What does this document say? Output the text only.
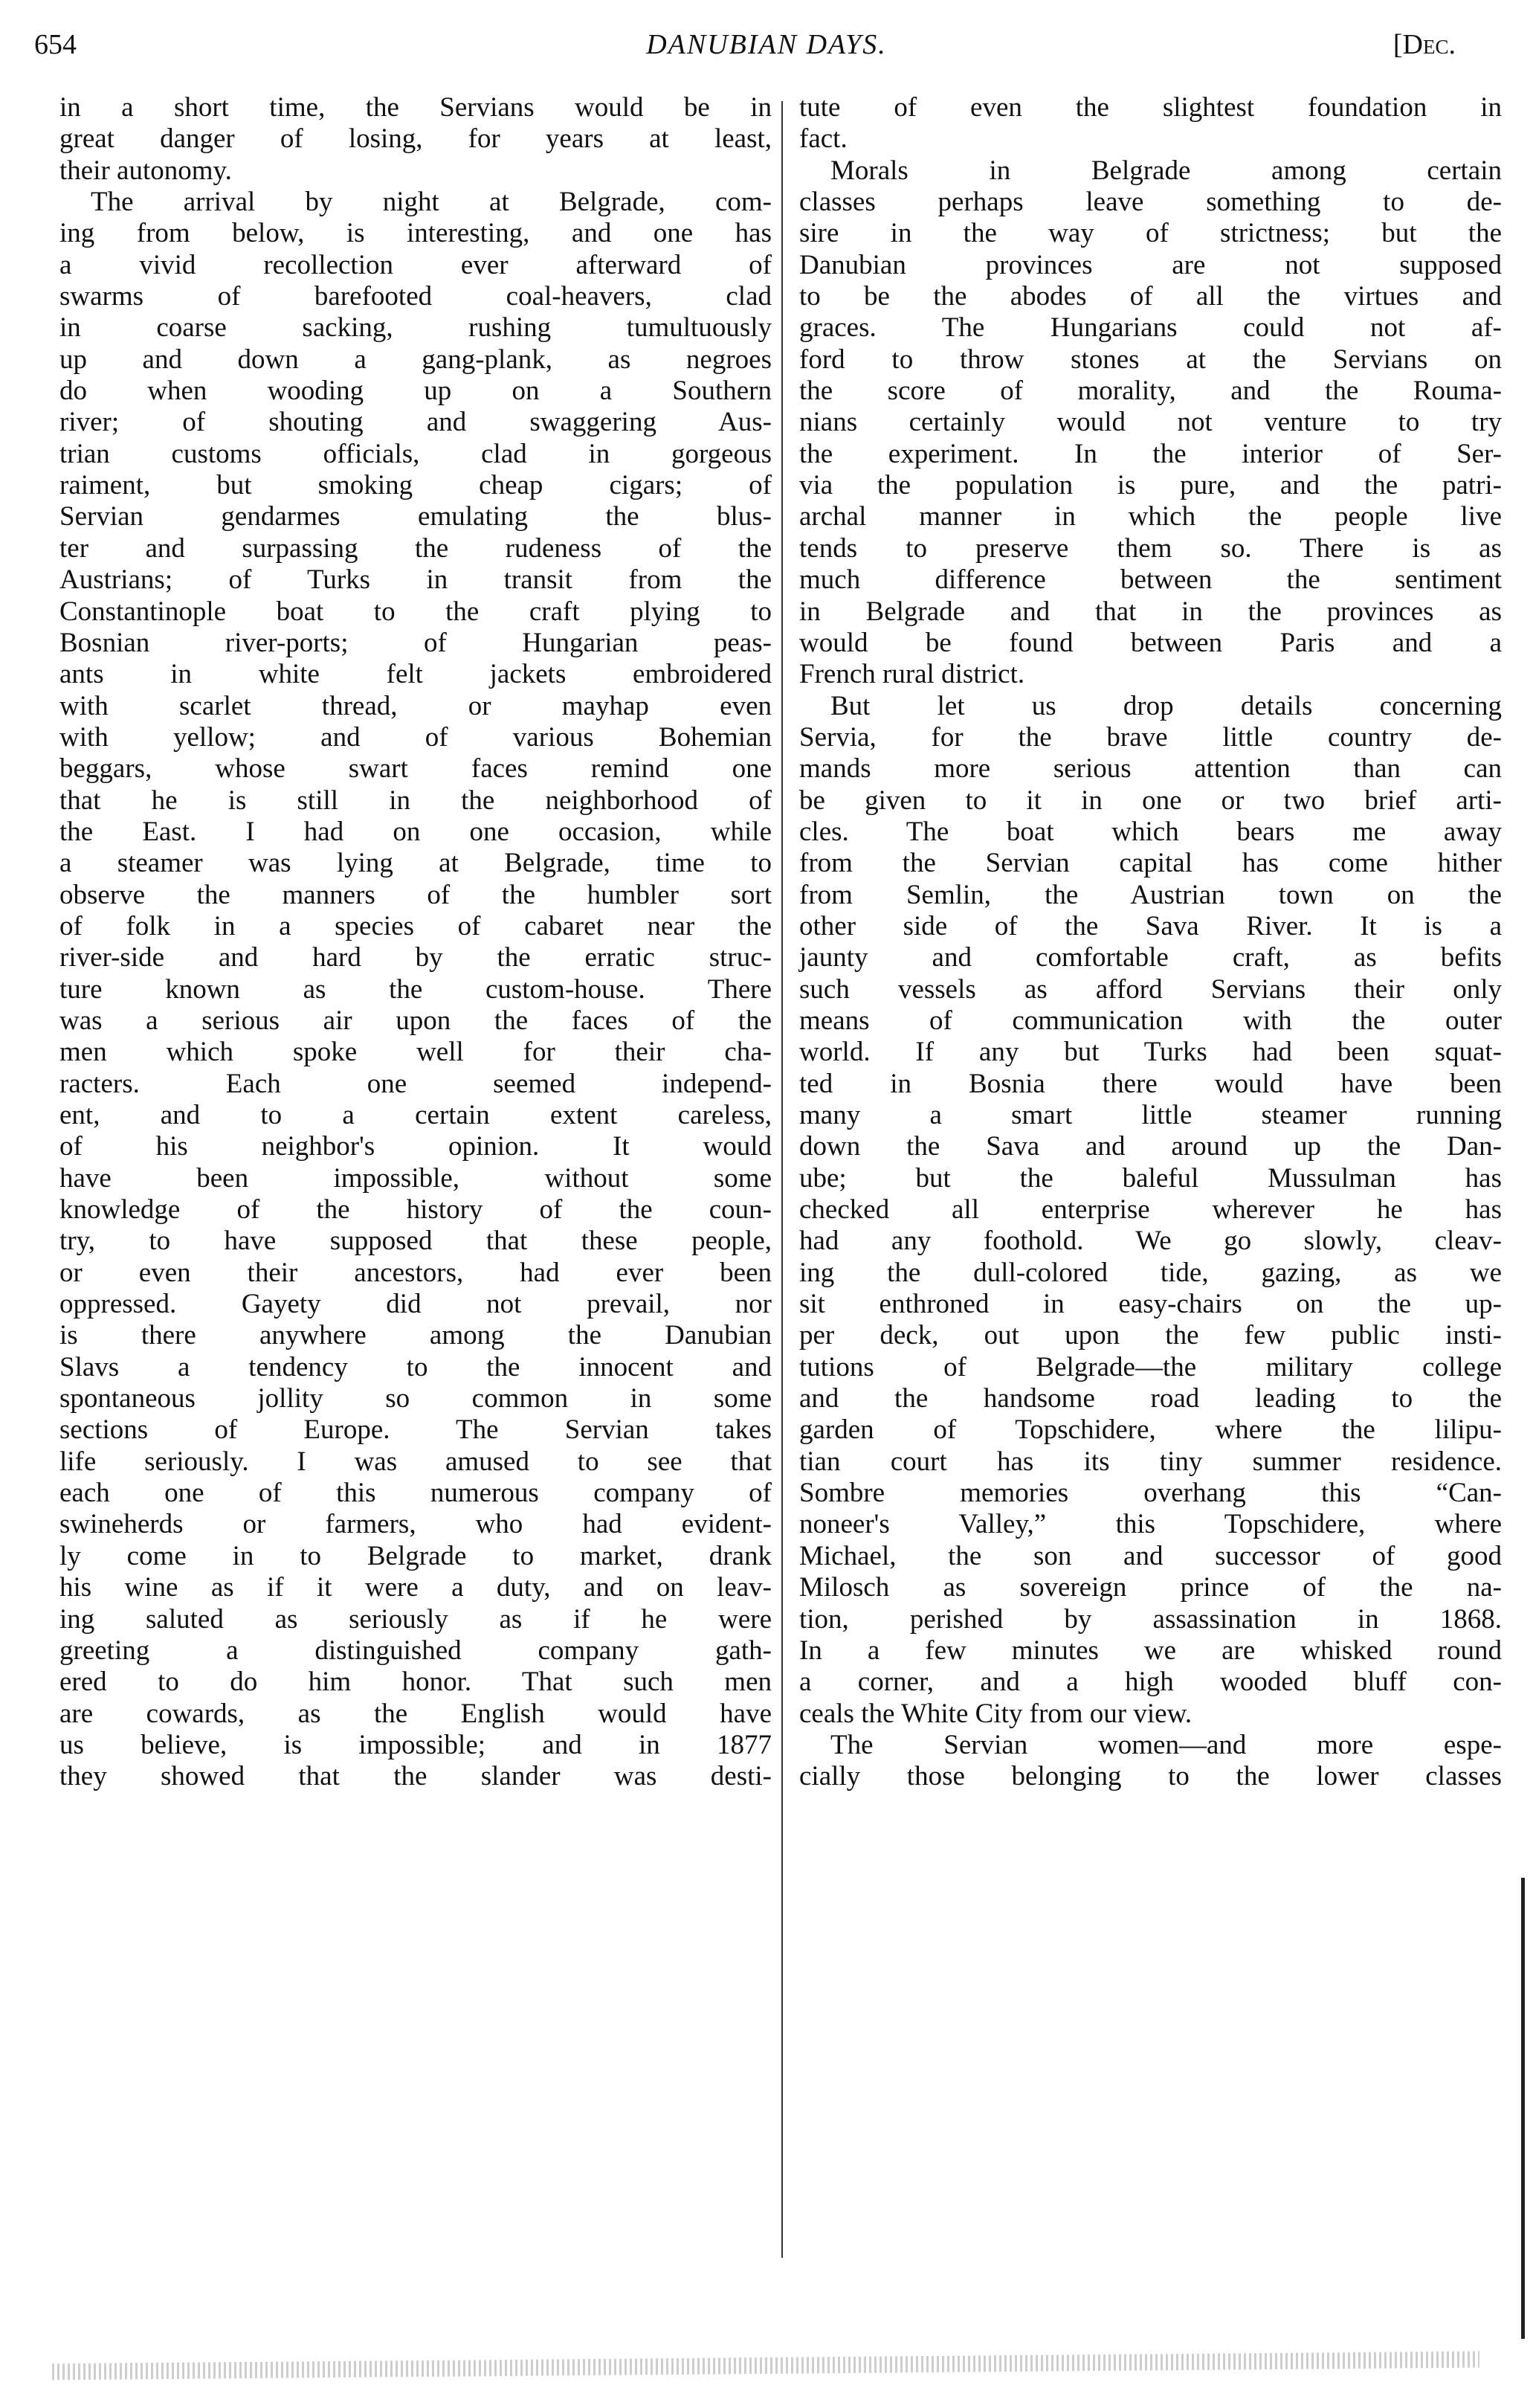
654	DANUBIAN DAYS.	[Dec.
in a short time, the Servians would be in
great danger of losing, for years at least,
their autonomy.
The arrival by night at Belgrade, com-
ing from below, is interesting, and one has
a vivid recollection ever afterward of
swarms of barefooted coal-heavers, clad
in coarse sacking, rushing tumultuously
up and down a gang-plank, as negroes
do when wooding up on a Southern
river; of shouting and swaggering Aus-
trian customs officials, clad in gorgeous
raiment, but smoking cheap cigars; of
Servian gendarmes emulating the blus-
ter and surpassing the rudeness of the
Austrians; of Turks in transit from the
Constantinople boat to the craft plying to
Bosnian river-ports; of Hungarian peas-
ants in white felt jackets embroidered
with scarlet thread, or mayhap even
with yellow; and of various Bohemian
beggars, whose swart faces remind one
that he is still in the neighborhood of
the East. I had on one occasion, while
a steamer was lying at Belgrade, time to
observe the manners of the humbler sort
of folk in a species of cabaret near the
river-side and hard by the erratic struc-
ture known as the custom-house. There
was a serious air upon the faces of the
men which spoke well for their cha-
racters. Each one seemed independ-
ent, and to a certain extent careless,
of his neighbor's opinion. It would
have been impossible, without some
knowledge of the history of the coun-
try, to have supposed that these people,
or even their ancestors, had ever been
oppressed. Gayety did not prevail, nor
is there anywhere among the Danubian
Slavs a tendency to the innocent and
spontaneous jollity so common in some
sections of Europe. The Servian takes
life seriously. I was amused to see that
each one of this numerous company of
swineherds or farmers, who had evident-
ly come in to Belgrade to market, drank
his wine as if it were a duty, and on leav-
ing saluted as seriously as if he were
greeting a distinguished company gath-
ered to do him honor. That such men
are cowards, as the English would have
us believe, is impossible; and in 1877
they showed that the slander was desti-
tute of even the slightest foundation in
fact.
Morals in Belgrade among certain
classes perhaps leave something to de-
sire in the way of strictness; but the
Danubian provinces are not supposed
to be the abodes of all the virtues and
graces. The Hungarians could not af-
ford to throw stones at the Servians on
the score of morality, and the Rouma-
nians certainly would not venture to try
the experiment. In the interior of Ser-
via the population is pure, and the patri-
archal manner in which the people live
tends to preserve them so. There is as
much difference between the sentiment
in Belgrade and that in the provinces as
would be found between Paris and a
French rural district.
But let us drop details concerning
Servia, for the brave little country de-
mands more serious attention than can
be given to it in one or two brief arti-
cles. The boat which bears me away
from the Servian capital has come hither
from Semlin, the Austrian town on the
other side of the Sava River. It is a
jaunty and comfortable craft, as befits
such vessels as afford Servians their only
means of communication with the outer
world. If any but Turks had been squat-
ted in Bosnia there would have been
many a smart little steamer running
down the Sava and around up the Dan-
ube; but the baleful Mussulman has
checked all enterprise wherever he has
had any foothold. We go slowly, cleav-
ing the dull-colored tide, gazing, as we
sit enthroned in easy-chairs on the up-
per deck, out upon the few public insti-
tutions of Belgrade—the military college
and the handsome road leading to the
garden of Topschidere, where the lilipu-
tian court has its tiny summer residence.
Sombre memories overhang this “Can-
noneer's Valley,” this Topschidere, where
Michael, the son and successor of good
Milosch as sovereign prince of the na-
tion, perished by assassination in 1868.
In a few minutes we are whisked round
a corner, and a high wooded bluff con-
ceals the White City from our view.
The Servian women—and more espe-
cially those belonging to the lower classes
